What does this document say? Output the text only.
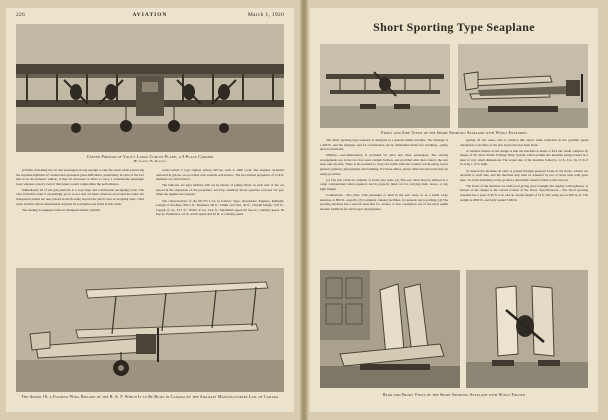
226	AVIATION	March 1, 1920
Center Portion of Vogt's Large Curtiss Plane, a 9-Place Carrier
By Samuel B. Roberts

problem of making the car and passengers strong enough to take the result while preserving the requisite lightness of construction presented great difficulties, particularly in view of the fact that in an air-transport vehicle, it may be necessary at times to carry a considerable passenger load, whereas a heavy load of this nature would compromise the performance.

Immediately aft of the gun platform is a very large and comfortable navigating room. The view from this room is exceedingly good, as not only are there windows all around the sides, but transparent panels are also placed in the flooring beyond the pilot's seat. A dropping table, chart racks and the various instruments required for navigation are fitted in this room.

The landing is equipped with two Rumpell marine cylinder

water-cooled V type engines giving 220 hp. each at 1900 r.p.m. The engines, mounted outboard in pylons, are provided with suitable self-starters. The two-bladed propellers of 11.8 ft. diameter are driven direct.

The balloons are kept inflated with air by means of pumps fitted on each side of the car placed in the slipstream of the propellers. An 8 hp. auxiliary motor operates a blower for gas, when the engines are stopped.

The characteristics of the 60-575 I are as follows: Type, monoplane; Engines, Rumpell; Length of machine, 863.5 ft.; Diameter, 60 ft.; Width over fins, 50 ft.; Overall height, 72.0 ft.; Length of car, 34.7 ft.; Width of car, 14.6 ft.; Maximum speed 60 m.p.h.; Cruising speed, 50 m.p.h.; Endurance, 16 hr. at full speed and 30 hr. at cruising speed.

The Aeron 18, a Folding-Wing Biplane of the R. A. F. Which Is to Be Built in Canada by the Aircraft Manufacturers Ltd. of Canada
Short Sporting Type Seaplane
Front and Side Views of the Short Sporting Seaplane with Wings Extended

The Short sporting type seaplane is designed as a general utility machine. The fuselage is 1,400 lb. and the designer, and for convenience can be dismantled under two headings—easily and economically.

Military.—Accommodation is provided for pilot and three passengers. The seating arrangements are in the two fore seats tandem fashion, and provided with dual control, the rear seats side-by-side. There is the possible to carry one bomb with and conduct ten shooting, but in general, gunnery, photography and bombing. For these duties, petrol, lubricant and water may be easily provided.

(1) The rear cabin for airplane or in the fore seats. (2) The rear cabin may be utilized as a cargo compartment when required, and is properly lined out for carrying mail, stores, or any light freight.

Commercial.—The pilot, with passenger or mail in the rear seats, or as a small cargo machine of 800 lb. capacity. (3) Complete cruising facilities, for general and joy-riding, (4) The sporting machine has a special attraction for owners, is also considered one of the most useful modern additions for aerial sport and pleasure.

getting off the water, and so achieve this object some reduction in the possible speed obtained is a sacrifice of the size and power has been made.

A valuable feature in the design is that the machine is made to fold into small compass by means of the Short Patent Folding Wing System which permits the machine being housed in a shed of very small dimensions. The actual size of the machine folded is: 14 ft. 6 in. by 15 ft. 6 in. long x 12 ft. high.

To launch the machine an extra is passed through prepared holes in the floats, wheels are attached to each side, and the machine may then be wheeled by two or three men with great ease. To avoid launching on the ground a detachable wheel is fixed to the tail post.

The floats of the machine are reinforced giving great strength and rigidity with lightness. A feature of the design is the curved bottom of the floats. Specifications.—The Short sporting seaplane has a span of 40 ft. 6 in. and an overall length of 31 ft. The wing area is 480 sq. ft. The weight is 2000 lb. and fully loaded 3100 lb.

Rear and Front Views of the Short Sporting Seaplane with Wings Folded
